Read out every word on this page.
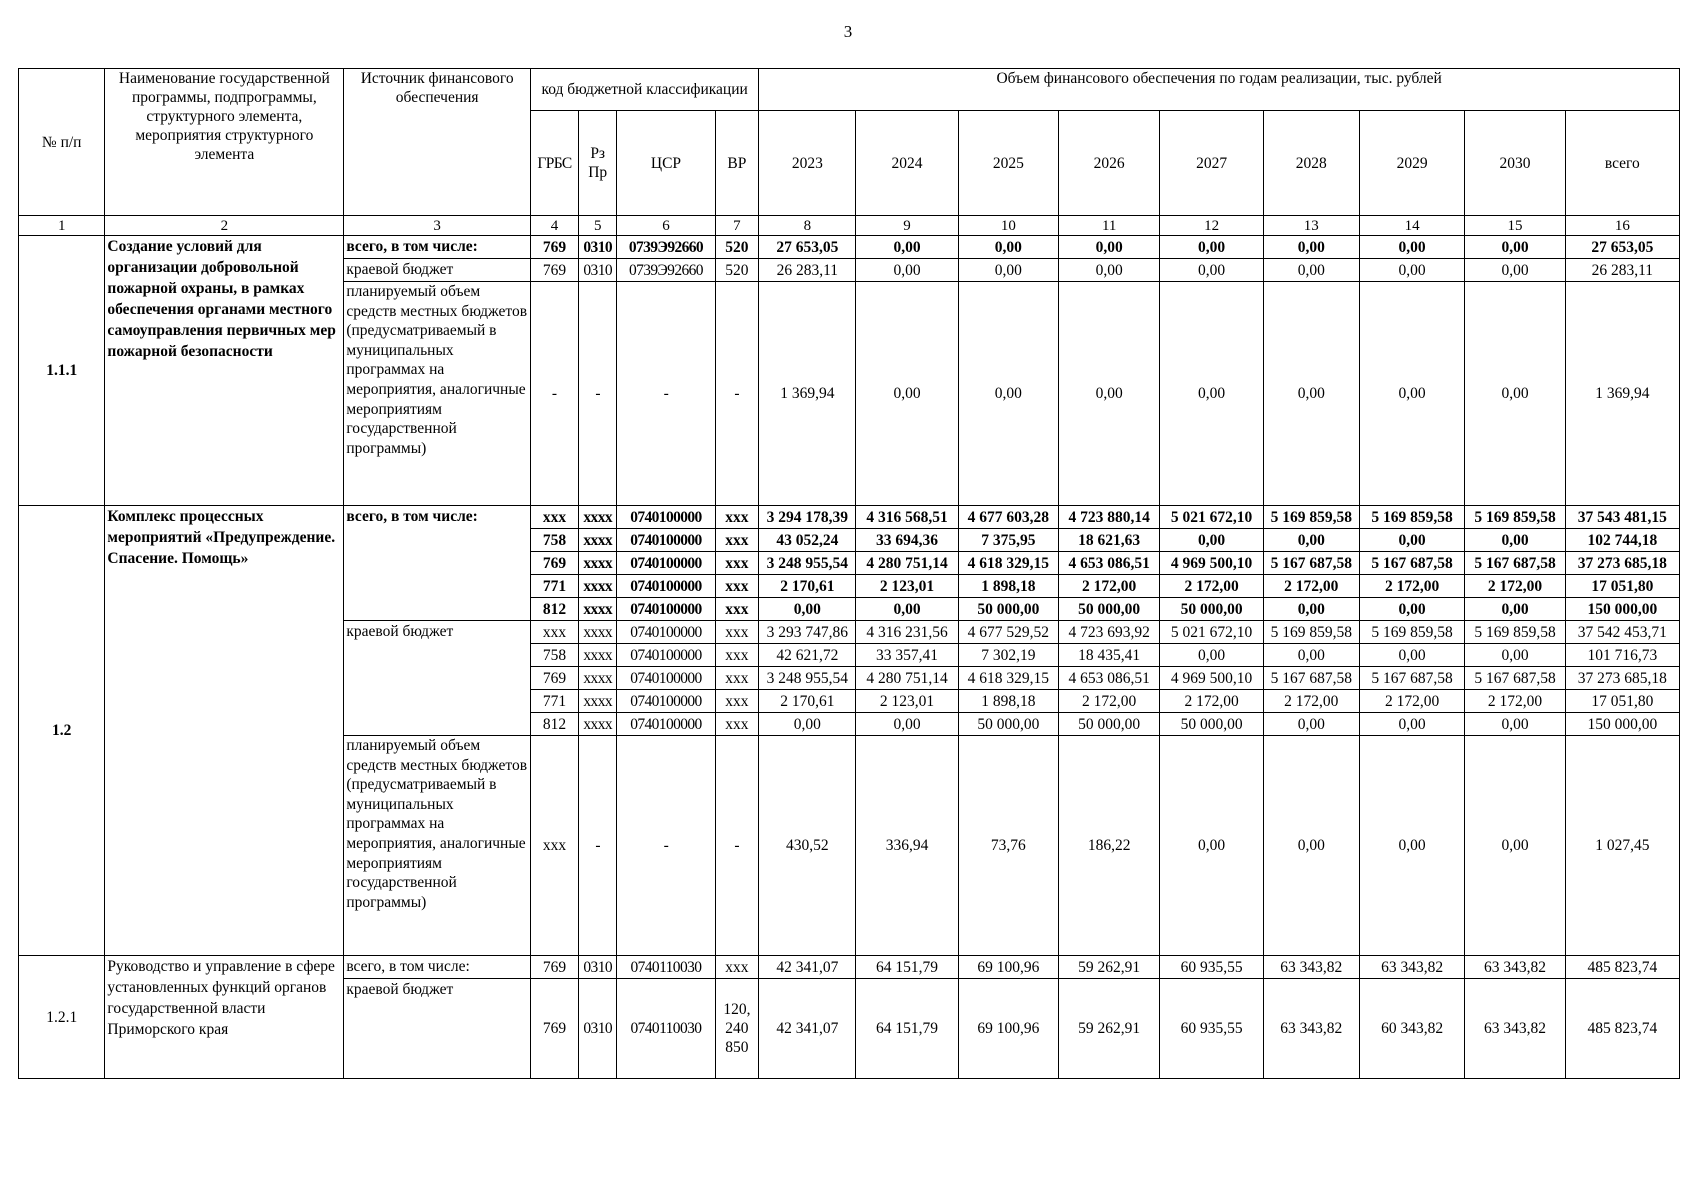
3
№ п/п	Наименование государственной программы, подпрограммы, структурного элемента, мероприятия структурного элемента	Источник финансового обеспечения	код бюджетной классификации				Объем финансового обеспечения по годам реализации, тыс. рублей								
			ГРБС	Рз Пр	ЦСР	ВР	2023	2024	2025	2026	2027	2028	2029	2030	всего
1	2	3	4	5	6	7	8	9	10	11	12	13	14	15	16
1.1.1	Создание условий для организации добровольной пожарной охраны, в рамках обеспечения органами местного самоуправления первичных мер пожарной безопасности	всего, в том числе:	769	0310	0739Э92660	520	27 653,05	0,00	0,00	0,00	0,00	0,00	0,00	0,00	27 653,05
		краевой бюджет	769	0310	0739Э92660	520	26 283,11	0,00	0,00	0,00	0,00	0,00	0,00	0,00	26 283,11
		планируемый объем средств местных бюджетов (предусматриваемый в муниципальных программах на мероприятия, аналогичные мероприятиям государственной программы)	-	-	-	-	1 369,94	0,00	0,00	0,00	0,00	0,00	0,00	0,00	1 369,94
1.2	Комплекс процессных мероприятий «Предупреждение. Спасение. Помощь»	всего, в том числе:	xxx	xxxx	0740100000	xxx	3 294 178,39	4 316 568,51	4 677 603,28	4 723 880,14	5 021 672,10	5 169 859,58	5 169 859,58	5 169 859,58	37 543 481,15
			758	xxxx	0740100000	xxx	43 052,24	33 694,36	7 375,95	18 621,63	0,00	0,00	0,00	0,00	102 744,18
			769	xxxx	0740100000	xxx	3 248 955,54	4 280 751,14	4 618 329,15	4 653 086,51	4 969 500,10	5 167 687,58	5 167 687,58	5 167 687,58	37 273 685,18
			771	xxxx	0740100000	xxx	2 170,61	2 123,01	1 898,18	2 172,00	2 172,00	2 172,00	2 172,00	2 172,00	17 051,80
			812	xxxx	0740100000	xxx	0,00	0,00	50 000,00	50 000,00	50 000,00	0,00	0,00	0,00	150 000,00
		краевой бюджет	xxx	xxxx	0740100000	xxx	3 293 747,86	4 316 231,56	4 677 529,52	4 723 693,92	5 021 672,10	5 169 859,58	5 169 859,58	5 169 859,58	37 542 453,71
			758	xxxx	0740100000	xxx	42 621,72	33 357,41	7 302,19	18 435,41	0,00	0,00	0,00	0,00	101 716,73
			769	xxxx	0740100000	xxx	3 248 955,54	4 280 751,14	4 618 329,15	4 653 086,51	4 969 500,10	5 167 687,58	5 167 687,58	5 167 687,58	37 273 685,18
			771	xxxx	0740100000	xxx	2 170,61	2 123,01	1 898,18	2 172,00	2 172,00	2 172,00	2 172,00	2 172,00	17 051,80
			812	xxxx	0740100000	xxx	0,00	0,00	50 000,00	50 000,00	50 000,00	0,00	0,00	0,00	150 000,00
		планируемый объем средств местных бюджетов (предусматриваемый в муниципальных программах на мероприятия, аналогичные мероприятиям государственной программы)	xxx	-	-	-	430,52	336,94	73,76	186,22	0,00	0,00	0,00	0,00	1 027,45
1.2.1	Руководство и управление в сфере установленных функций органов государственной власти Приморского края	всего, в том числе:	769	0310	0740110030	xxx	42 341,07	64 151,79	69 100,96	59 262,91	60 935,55	63 343,82	63 343,82	63 343,82	485 823,74
		краевой бюджет	769	0310	0740110030	120, 240 850	42 341,07	64 151,79	69 100,96	59 262,91	60 935,55	63 343,82	60 343,82	63 343,82	485 823,74
